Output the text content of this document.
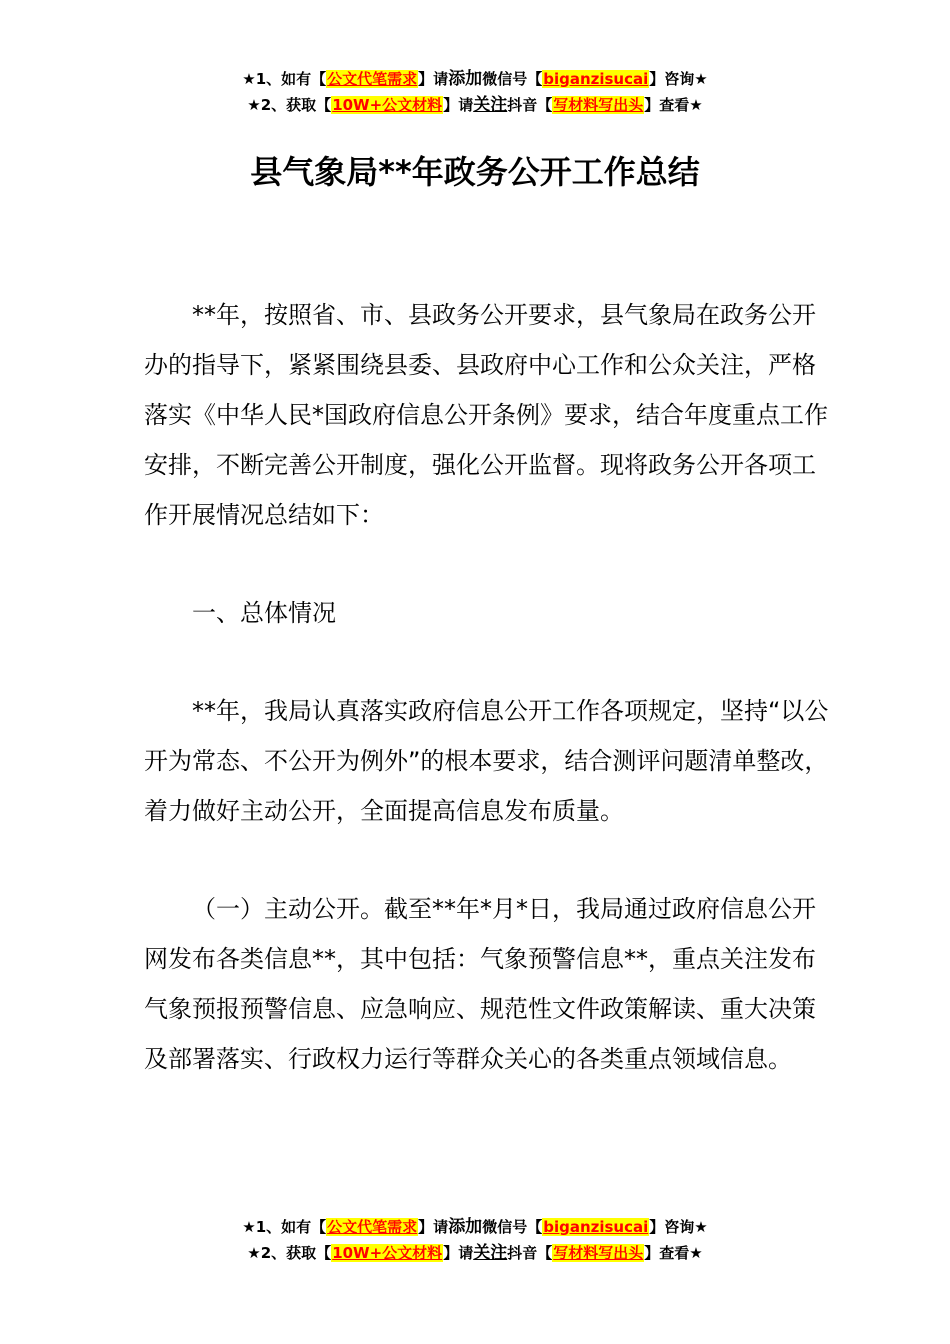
★1、如有【公文代笔需求】请添加微信号【biganzisucai】咨询★
★2、获取【10W+公文材料】请关注抖音【写材料写出头】查看★
县气象局**年政务公开工作总结

**年，按照省、市、县政务公开要求，县气象局在政务公开办的指导下，紧紧围绕县委、县政府中心工作和公众关注，严格落实《中华人民*国政府信息公开条例》要求，结合年度重点工作安排，不断完善公开制度，强化公开监督。现将政务公开各项工作开展情况总结如下：

一、总体情况

**年，我局认真落实政府信息公开工作各项规定，坚持“以公开为常态、不公开为例外”的根本要求，结合测评问题清单整改，着力做好主动公开，全面提高信息发布质量。

（一）主动公开。截至**年*月*日，我局通过政府信息公开网发布各类信息**，其中包括：气象预警信息**，重点关注发布气象预报预警信息、应急响应、规范性文件政策解读、重大决策及部署落实、行政权力运行等群众关心的各类重点领域信息。

★1、如有【公文代笔需求】请添加微信号【biganzisucai】咨询★
★2、获取【10W+公文材料】请关注抖音【写材料写出头】查看★
